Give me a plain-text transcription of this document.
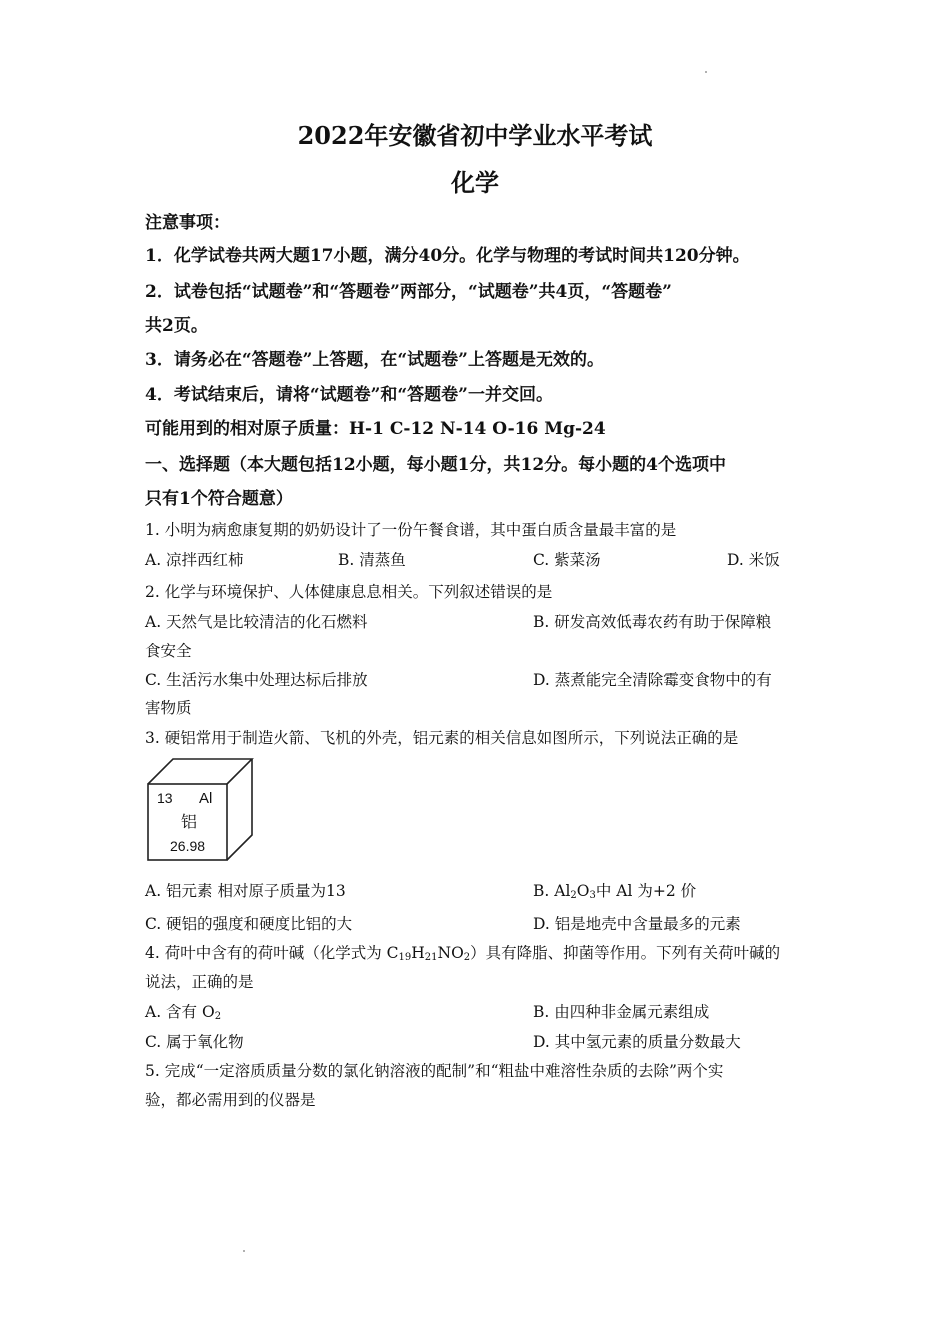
2022年安徽省初中学业水平考试
化学
注意事项：
1．化学试卷共两大题17小题，满分40分。化学与物理的考试时间共120分钟。
2．试卷包括“试题卷”和“答题卷”两部分，“试题卷”共4页，“答题卷”
共2页。
3．请务必在“答题卷”上答题，在“试题卷”上答题是无效的。
4．考试结束后，请将“试题卷”和“答题卷”一并交回。
可能用到的相对原子质量：H-1 C-12 N-14 O-16 Mg-24
一、选择题（本大题包括12小题，每小题1分，共12分。每小题的4个选项中
只有1个符合题意）
1. 小明为病愈康复期的奶奶设计了一份午餐食谱，其中蛋白质含量最丰富的是
A. 凉拌西红柿	B. 清蒸鱼	C. 紫菜汤	D. 米饭
2. 化学与环境保护、人体健康息息相关。下列叙述错误的是
A. 天然气是比较清洁的化石燃料	B. 研发高效低毒农药有助于保障粮
食安全
C. 生活污水集中处理达标后排放	D. 蒸煮能完全清除霉变食物中的有
害物质
3. 硬铝常用于制造火箭、飞机的外壳，铝元素的相关信息如图所示，下列说法正确的是
13 Al
铝
26.98
A. 铝元素 相对原子质量为13	B. $Al_2O_3$中 Al 为+2 价
C. 硬铝的强度和硬度比铝的大	D. 铝是地壳中含量最多的元素
4. 荷叶中含有的荷叶碱（化学式为 $C_{19}H_{21}NO_2$）具有降脂、抑菌等作用。下列有关荷叶碱的
说法，正确的是
A. 含有 $O_2$	B. 由四种非金属元素组成
C. 属于氧化物	D. 其中氢元素的质量分数最大
5. 完成“一定溶质质量分数的氯化钠溶液的配制”和“粗盐中难溶性杂质的去除”两个实
验，都必需用到的仪器是
